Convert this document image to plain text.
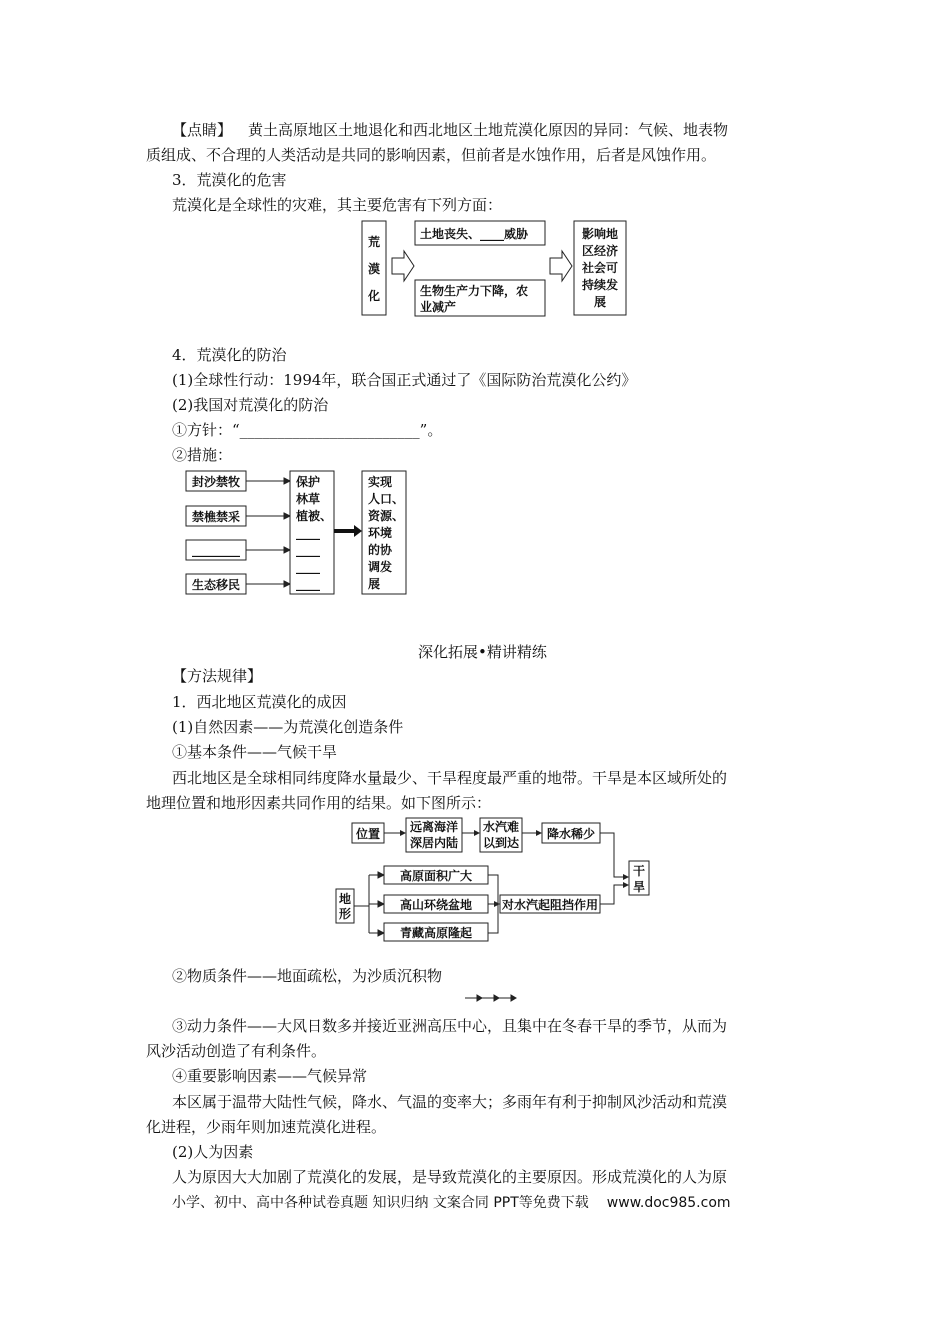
【点睛】 黄土高原地区土地退化和西北地区土地荒漠化原因的异同：气候、地表物
质组成、不合理的人类活动是共同的影响因素，但前者是水蚀作用，后者是风蚀作用。
3．荒漠化的危害
荒漠化是全球性的灾难，其主要危害有下列方面：
荒
漠
化
土地丧失、____威胁
生物生产力下降，农
业减产
影响地
区经济
社会可
持续发
展
4．荒漠化的防治
(1)全球性行动：1994年，联合国正式通过了《国际防治荒漠化公约》
(2)我国对荒漠化的防治
①方针：“________________________”。
②措施：
封沙禁牧
禁樵禁采
________
生态移民
保护
林草
植被、
____
____
____
____
实现
人口、
资源、
环境
的协
调发
展
深化拓展•精讲精练
【方法规律】
1．西北地区荒漠化的成因
(1)自然因素——为荒漠化创造条件
①基本条件——气候干旱
西北地区是全球相同纬度降水量最少、干旱程度最严重的地带。干旱是本区域所处的
地理位置和地形因素共同作用的结果。如下图所示：
位置 远离海洋
深居内陆
水汽难
以到达
降水稀少
地
形
高原面积广大
高山环绕盆地
青藏高原隆起
对水汽起阻挡作用
干
旱
②物质条件——地面疏松，为沙质沉积物
③动力条件——大风日数多并接近亚洲高压中心，且集中在冬春干旱的季节，从而为
风沙活动创造了有利条件。
④重要影响因素——气候异常
本区属于温带大陆性气候，降水、气温的变率大；多雨年有利于抑制风沙活动和荒漠
化进程，少雨年则加速荒漠化进程。
(2)人为因素
人为原因大大加剧了荒漠化的发展，是导致荒漠化的主要原因。形成荒漠化的人为原
小学、初中、高中各种试卷真题 知识归纳 文案合同 PPT等免费下载 www.doc985.com
